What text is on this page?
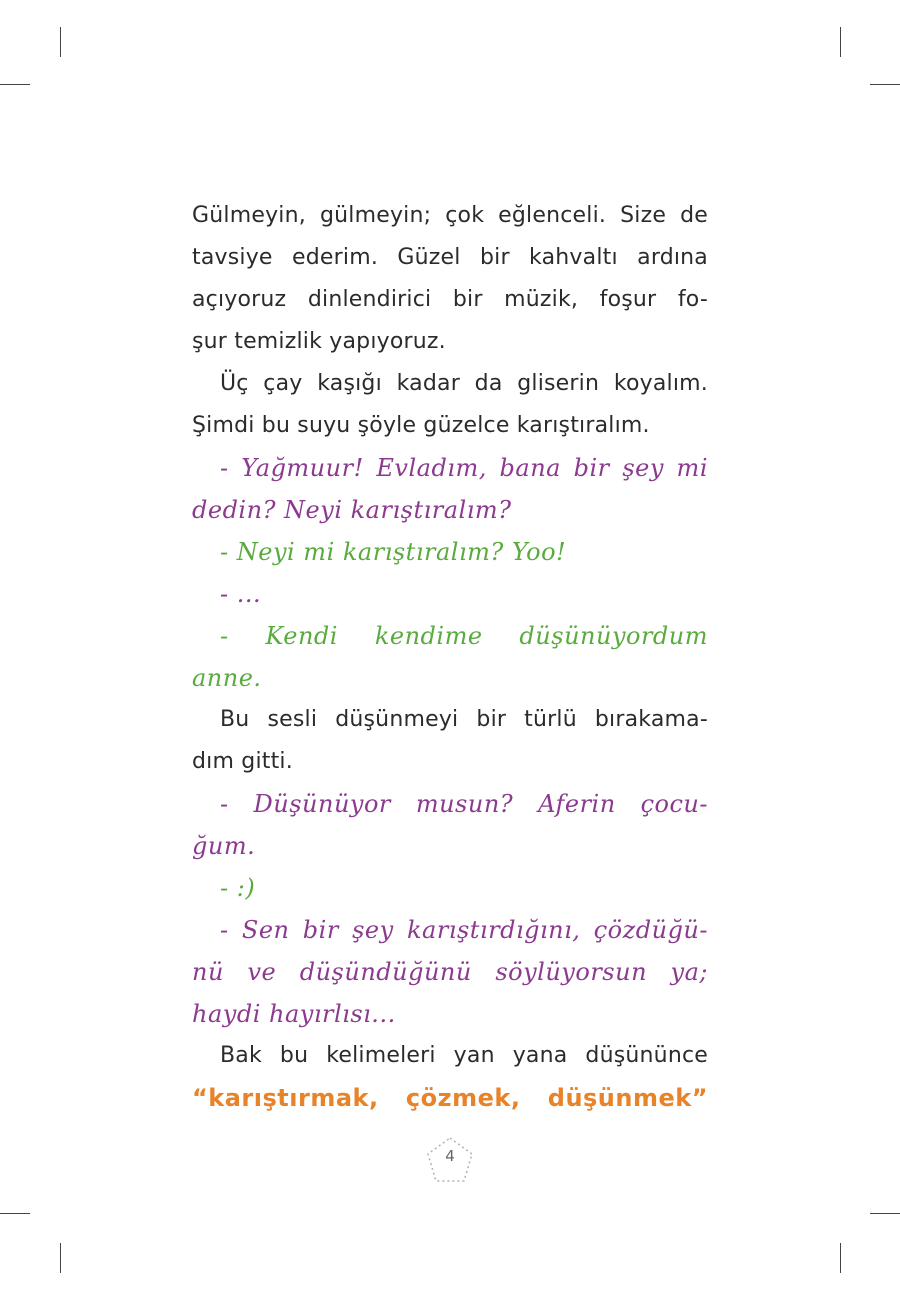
Gülmeyin, gülmeyin; çok eğlenceli. Size de
tavsiye ederim. Güzel bir kahvaltı ardına
açıyoruz dinlendirici bir müzik, foşur fo-
şur temizlik yapıyoruz.

Üç çay kaşığı kadar da gliserin koyalım.
Şimdi bu suyu şöyle güzelce karıştıralım.

- Yağmuur! Evladım, bana bir şey mi
dedin? Neyi karıştıralım?

- Neyi mi karıştıralım? Yoo!

- ...

- Kendi kendime düşünüyordum
anne.

Bu sesli düşünmeyi bir türlü bırakama-
dım gitti.

- Düşünüyor musun? Aferin çocu-
ğum.

- :)

- Sen bir şey karıştırdığını, çözdüğü-
nü ve düşündüğünü söylüyorsun ya;
haydi hayırlısı...

Bak bu kelimeleri yan yana düşününce

“karıştırmak, çözmek, düşünmek”

4
